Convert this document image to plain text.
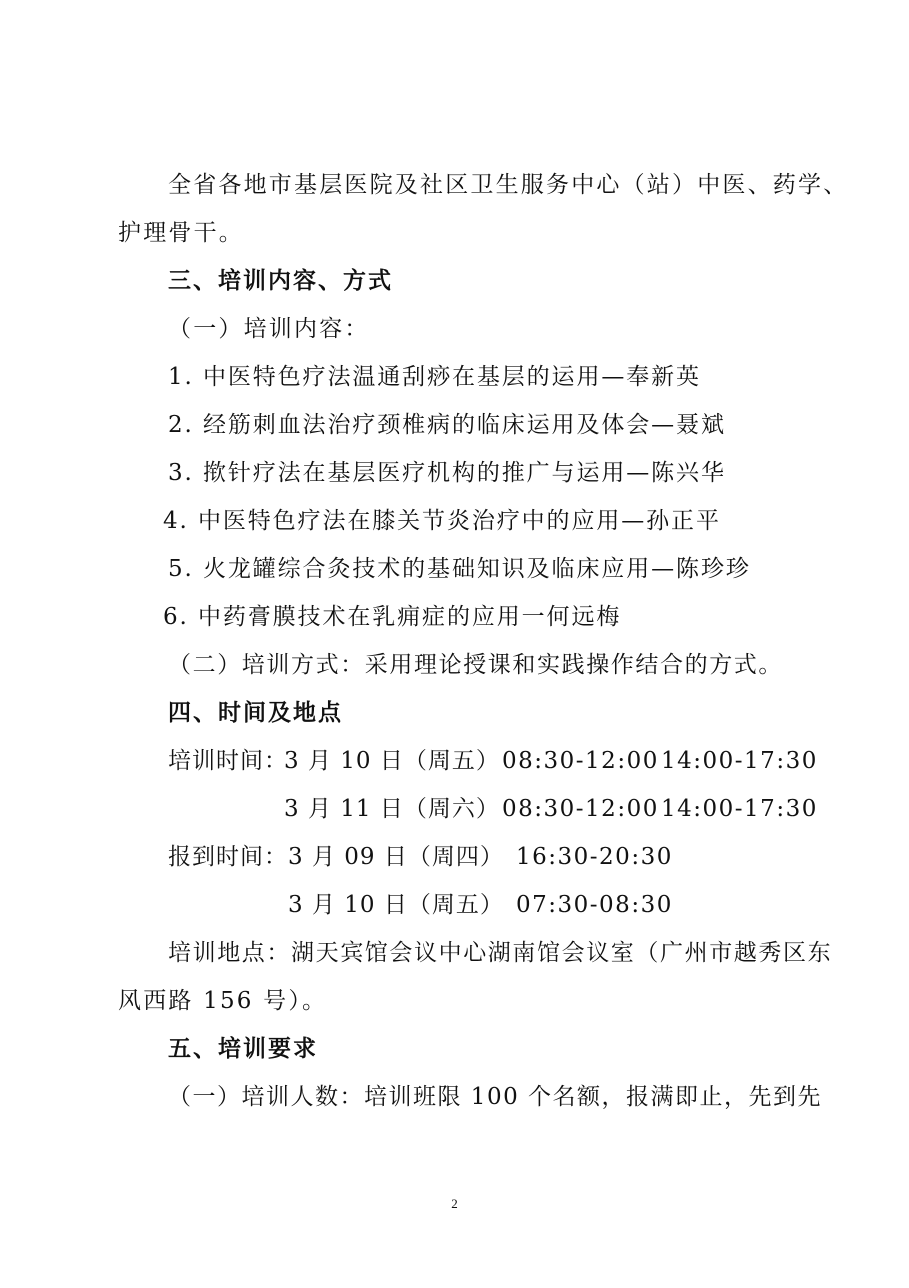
全省各地市基层医院及社区卫生服务中心（站）中医、药学、
护理骨干。
三、培训内容、方式
（一）培训内容：
1. 中医特色疗法温通刮痧在基层的运用—奉新英
2. 经筋刺血法治疗颈椎病的临床运用及体会—聂斌
3. 揿针疗法在基层医疗机构的推广与运用—陈兴华
4. 中医特色疗法在膝关节炎治疗中的应用—孙正平
5. 火龙罐综合灸技术的基础知识及临床应用—陈珍珍
6. 中药膏膜技术在乳痈症的应用一何远梅
（二）培训方式：采用理论授课和实践操作结合的方式。
四、时间及地点
培训时间：
3 月 10 日（周五） 08:30-12:00 14:00-17:30
3 月 11 日（周六） 08:30-12:00 14:00-17:30
报到时间： 3 月 09 日（周四） 16:30-20:30
3 月 10 日（周五） 07:30-08:30
培训地点：湖天宾馆会议中心湖南馆会议室（广州市越秀区东
风西路 156 号）。
五、培训要求
（一）培训人数：培训班限 100 个名额，报满即止，先到先
2
